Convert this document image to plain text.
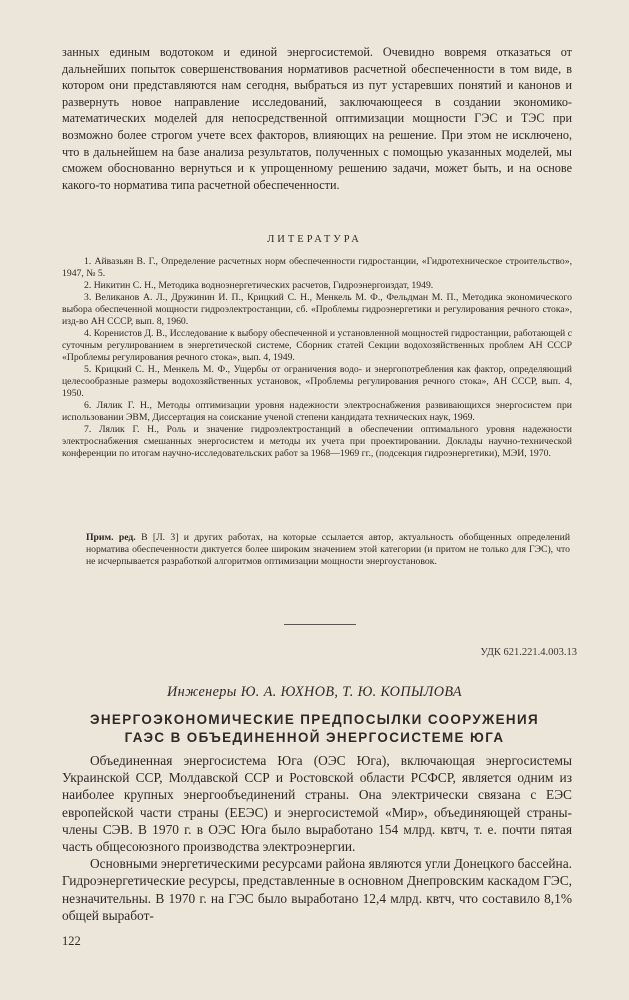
занных единым водотоком и единой энергосистемой. Очевидно вовремя отказаться от дальнейших попыток совершенствования нормативов расчетной обеспеченности в том виде, в котором они представляются нам сегодня, выбраться из пут устаревших понятий и канонов и развернуть новое направление исследований, заключающееся в создании экономико-математических моделей для непосредственной оптимизации мощности ГЭС и ТЭС при возможно более строгом учете всех факторов, влияющих на решение. При этом не исключено, что в дальнейшем на базе анализа результатов, полученных с помощью указанных моделей, мы сможем обоснованно вернуться и к упрощенному решению задачи, может быть, и на основе какого-то норматива типа расчетной обеспеченности.

ЛИТЕРАТУРА

1. Айвазьян В. Г., Определение расчетных норм обеспеченности гидростанции, «Гидротехническое строительство», 1947, № 5.
2. Никитин С. Н., Методика водноэнергетических расчетов, Гидроэнергоиздат, 1949.
3. Великанов А. Л., Дружинин И. П., Крицкий С. Н., Менкель М. Ф., Фельдман М. П., Методика экономического выбора обеспеченной мощности гидроэлектростанции, сб. «Проблемы гидроэнергетики и регулирования речного стока», изд-во АН СССР, вып. 8, 1960.
4. Коренистов Д. В., Исследование к выбору обеспеченной и установленной мощностей гидростанции, работающей с суточным регулированием в энергетической системе, Сборник статей Секции водохозяйственных проблем АН СССР «Проблемы регулирования речного стока», вып. 4, 1949.
5. Крицкий С. Н., Менкель М. Ф., Ущербы от ограничения водо- и энергопотребления как фактор, определяющий целесообразные размеры водохозяйственных установок, «Проблемы регулирования речного стока», АН СССР, вып. 4, 1950.
6. Лялик Г. Н., Методы оптимизации уровня надежности электроснабжения развивающихся энергосистем при использовании ЭВМ, Диссертация на соискание ученой степени кандидата технических наук, 1969.
7. Лялик Г. Н., Роль и значение гидроэлектростанций в обеспечении оптимального уровня надежности электроснабжения смешанных энергосистем и методы их учета при проектировании. Доклады научно-технической конференции по итогам научно-исследовательских работ за 1968—1969 гг., (подсекция гидроэнергетики), МЭИ, 1970.

Прим. ред. В [Л. 3] и других работах, на которые ссылается автор, актуальность обобщенных определений норматива обеспеченности диктуется более широким значением этой категории (и притом не только для ГЭС), что не исчерпывается разработкой алгоритмов оптимизации мощности энергоустановок.

УДК 621.221.4.003.13

Инженеры Ю. А. ЮХНОВ, Т. Ю. КОПЫЛОВА

ЭНЕРГОЭКОНОМИЧЕСКИЕ ПРЕДПОСЫЛКИ СООРУЖЕНИЯ
ГАЭС В ОБЪЕДИНЕННОЙ ЭНЕРГОСИСТЕМЕ ЮГА

Объединенная энергосистема Юга (ОЭС Юга), включающая энергосистемы Украинской ССР, Молдавской ССР и Ростовской области РСФСР, является одним из наиболее крупных энергообъединений страны. Она электрически связана с ЕЭС европейской части страны (ЕЕЭС) и энергосистемой «Мир», объединяющей страны-члены СЭВ. В 1970 г. в ОЭС Юга было выработано 154 млрд. квтч, т. е. почти пятая часть общесоюзного производства электроэнергии.

Основными энергетическими ресурсами района являются угли Донецкого бассейна. Гидроэнергетические ресурсы, представленные в основном Днепровским каскадом ГЭС, незначительны. В 1970 г. на ГЭС было выработано 12,4 млрд. квтч, что составило 8,1% общей выработ-

122
